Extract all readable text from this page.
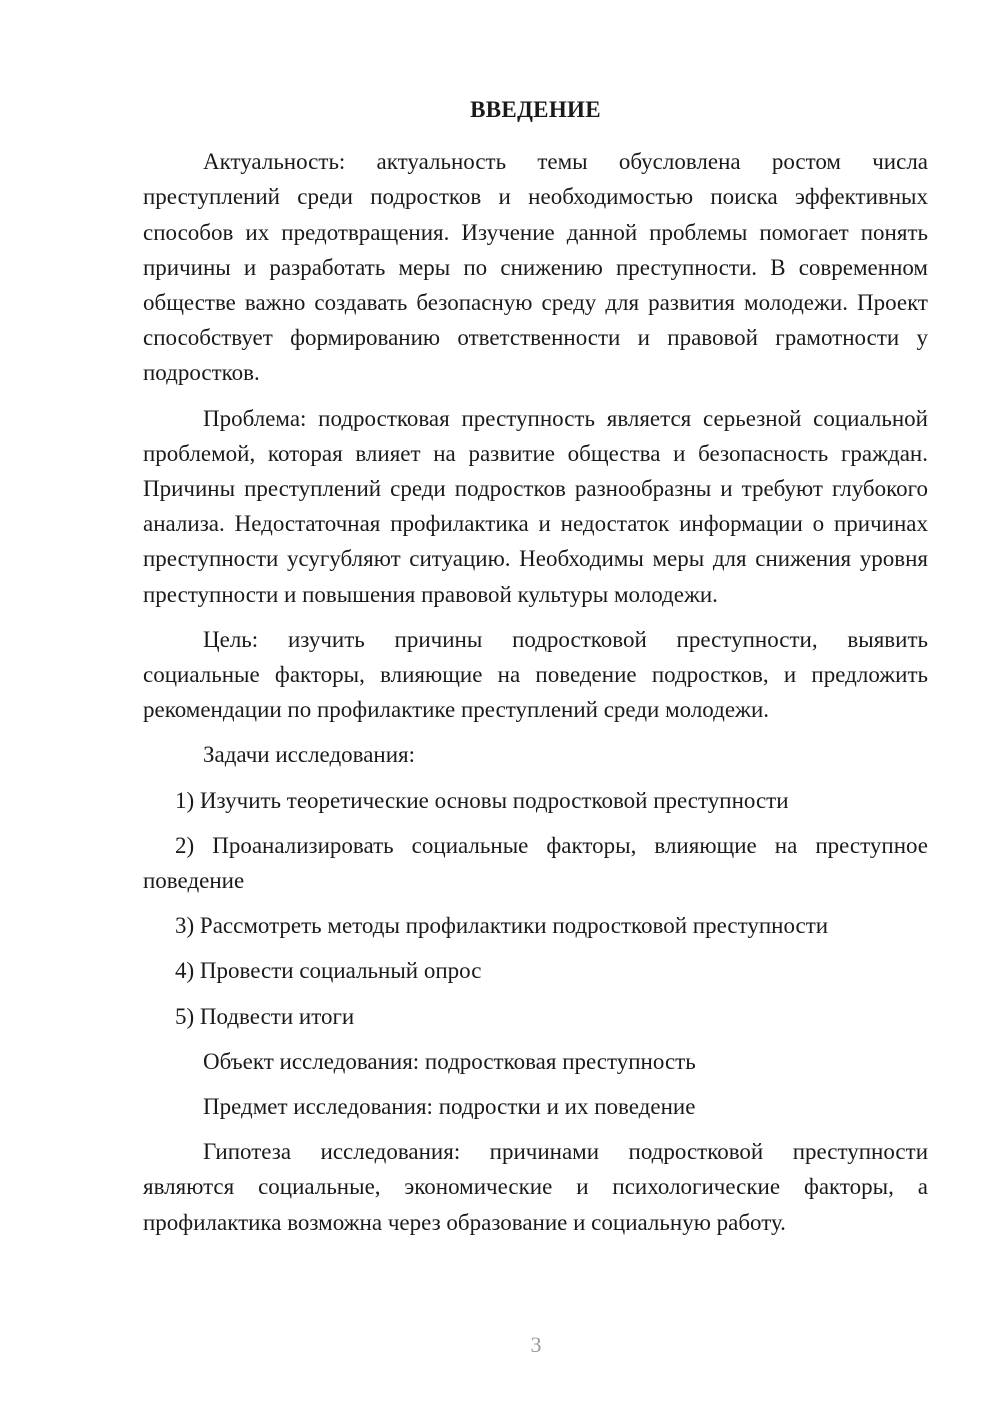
ВВЕДЕНИЕ

Актуальность: актуальность темы обусловлена ростом числа преступлений среди подростков и необходимостью поиска эффективных способов их предотвращения. Изучение данной проблемы помогает понять причины и разработать меры по снижению преступности. В современном обществе важно создавать безопасную среду для развития молодежи. Проект способствует формированию ответственности и правовой грамотности у подростков.

Проблема: подростковая преступность является серьезной социальной проблемой, которая влияет на развитие общества и безопасность граждан. Причины преступлений среди подростков разнообразны и требуют глубокого анализа. Недостаточная профилактика и недостаток информации о причинах преступности усугубляют ситуацию. Необходимы меры для снижения уровня преступности и повышения правовой культуры молодежи.

Цель: изучить причины подростковой преступности, выявить социальные факторы, влияющие на поведение подростков, и предложить рекомендации по профилактике преступлений среди молодежи.

Задачи исследования:

1) Изучить теоретические основы подростковой преступности

2) Проанализировать социальные факторы, влияющие на преступное поведение

3) Рассмотреть методы профилактики подростковой преступности

4) Провести социальный опрос

5) Подвести итоги

Объект исследования: подростковая преступность

Предмет исследования: подростки и их поведение

Гипотеза исследования: причинами подростковой преступности являются социальные, экономические и психологические факторы, а профилактика возможна через образование и социальную работу.

3
